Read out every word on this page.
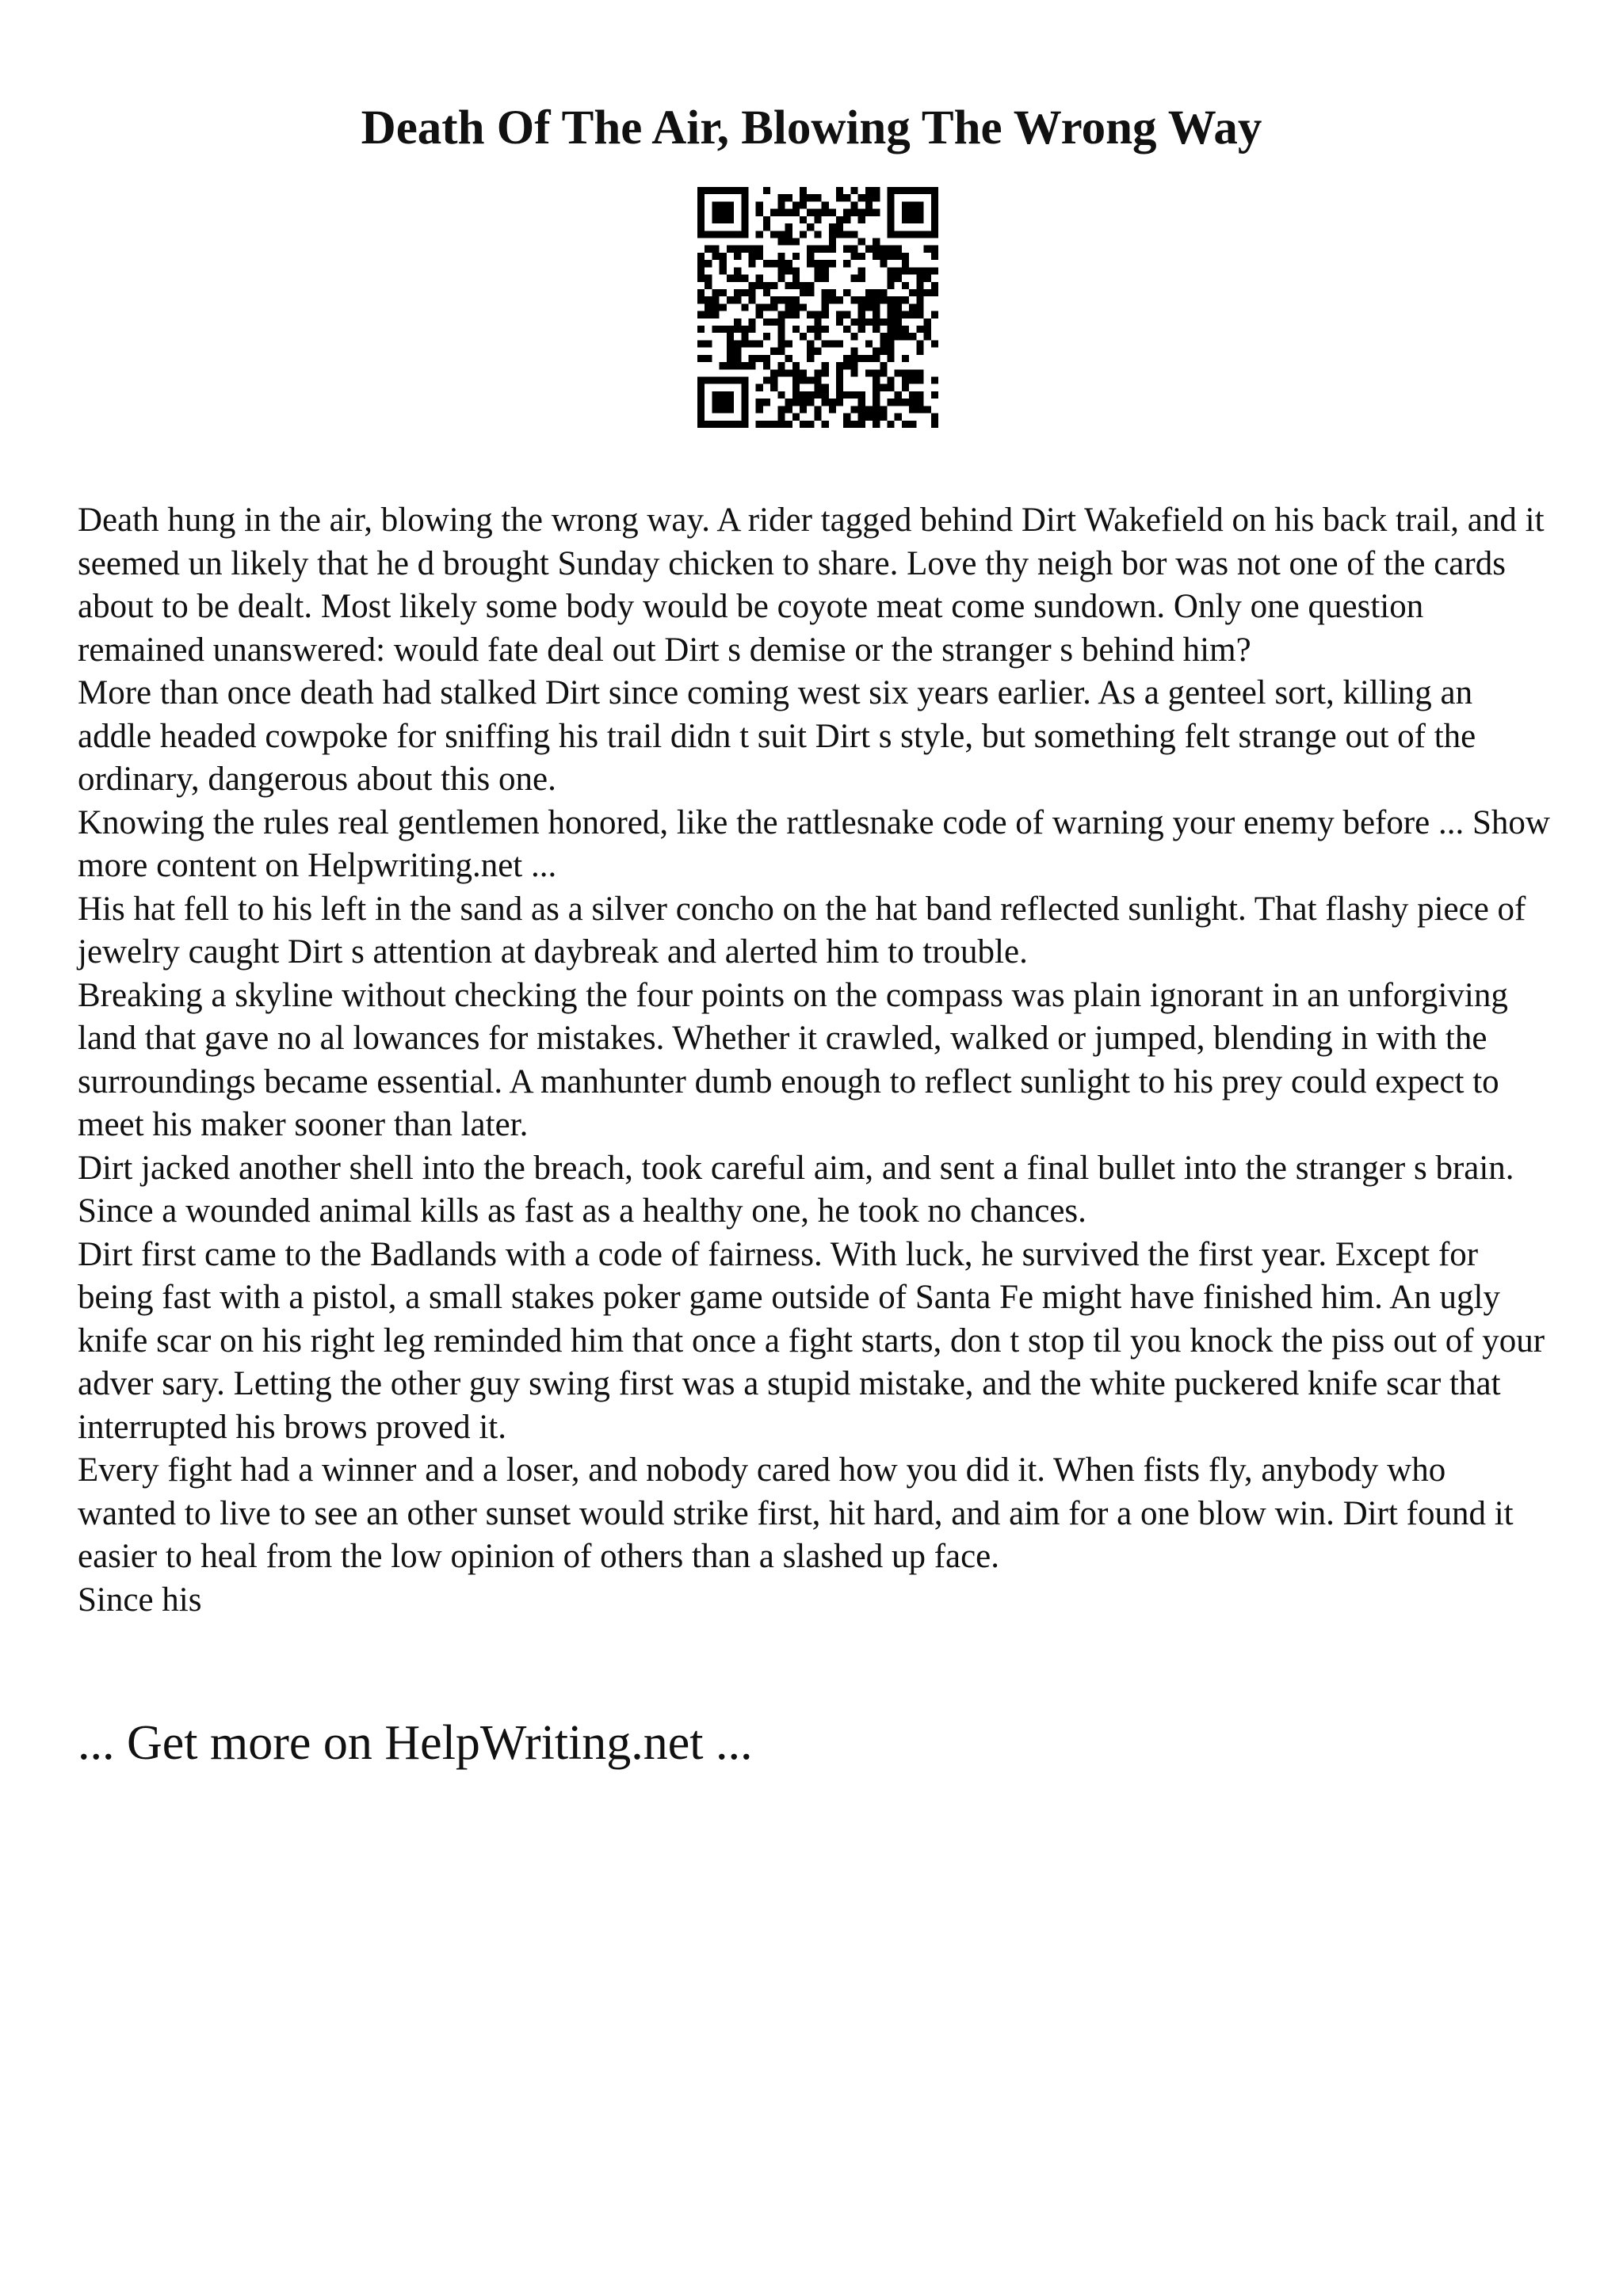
Death Of The Air, Blowing The Wrong Way

Death hung in the air, blowing the wrong way. A rider tagged behind Dirt Wakefield on his back trail, and it seemed un likely that he d brought Sunday chicken to share. Love thy neigh bor was not one of the cards about to be dealt. Most likely some body would be coyote meat come sundown. Only one question remained unanswered: would fate deal out Dirt s demise or the stranger s behind him?

More than once death had stalked Dirt since coming west six years earlier. As a genteel sort, killing an addle headed cowpoke for sniffing his trail didn t suit Dirt s style, but something felt strange out of the ordinary, dangerous about this one.

Knowing the rules real gentlemen honored, like the rattlesnake code of warning your enemy before ... Show more content on Helpwriting.net ...

His hat fell to his left in the sand as a silver concho on the hat band reflected sunlight. That flashy piece of jewelry caught Dirt s attention at daybreak and alerted him to trouble.

Breaking a skyline without checking the four points on the compass was plain ignorant in an unforgiving land that gave no al lowances for mistakes. Whether it crawled, walked or jumped, blending in with the surroundings became essential. A manhunter dumb enough to reflect sunlight to his prey could expect to meet his maker sooner than later.

Dirt jacked another shell into the breach, took careful aim, and sent a final bullet into the stranger s brain. Since a wounded animal kills as fast as a healthy one, he took no chances.

Dirt first came to the Badlands with a code of fairness. With luck, he survived the first year. Except for being fast with a pistol, a small stakes poker game outside of Santa Fe might have finished him. An ugly knife scar on his right leg reminded him that once a fight starts, don t stop til you knock the piss out of your adver sary. Letting the other guy swing first was a stupid mistake, and the white puckered knife scar that interrupted his brows proved it.

Every fight had a winner and a loser, and nobody cared how you did it. When fists fly, anybody who wanted to live to see an other sunset would strike first, hit hard, and aim for a one blow win. Dirt found it easier to heal from the low opinion of others than a slashed up face.

Since his

... Get more on HelpWriting.net ...
